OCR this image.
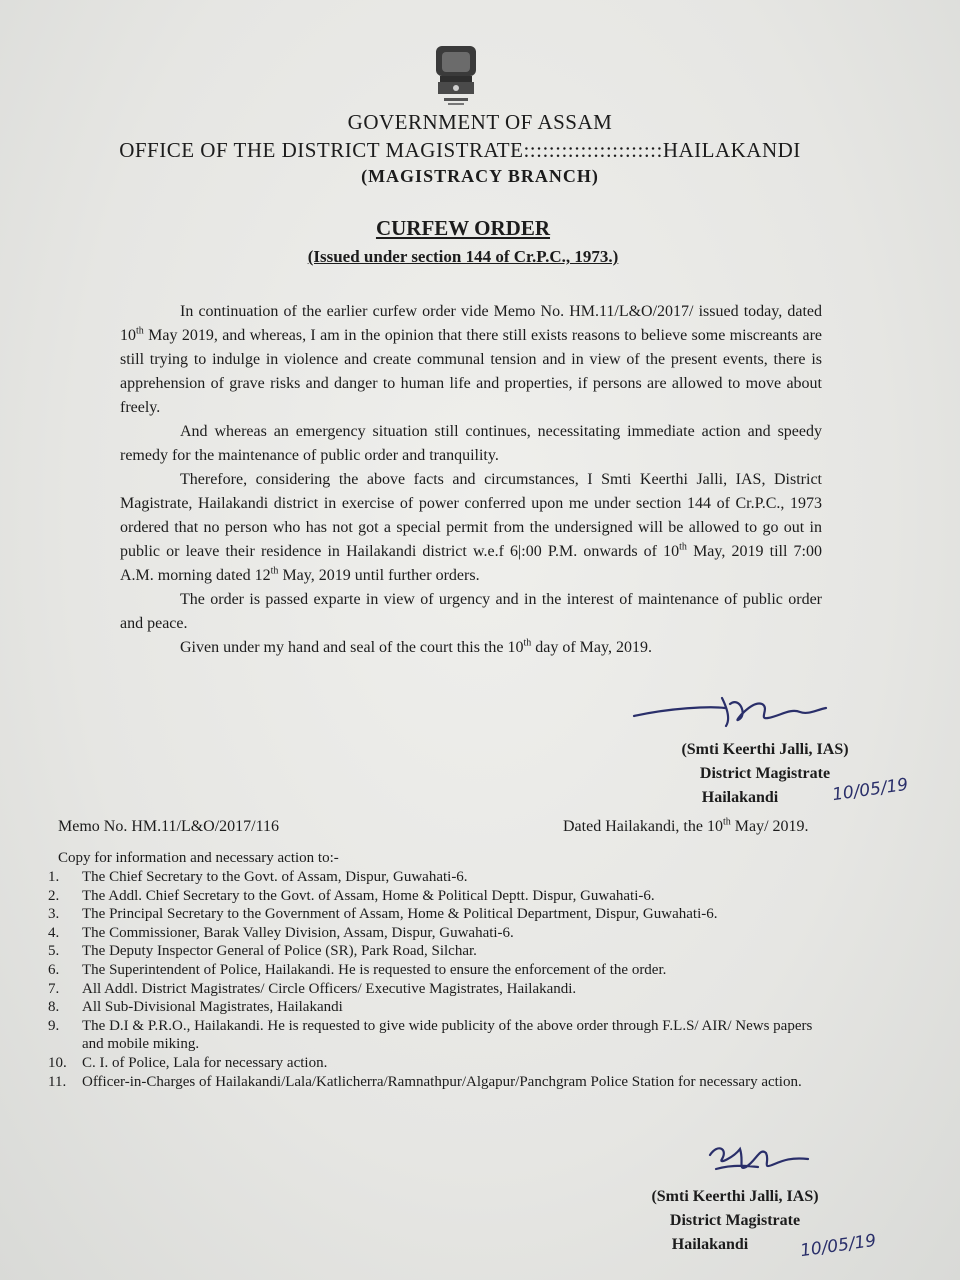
GOVERNMENT OF ASSAM
OFFICE OF THE DISTRICT MAGISTRATE::::::::::::::::::::::HAILAKANDI
(MAGISTRACY BRANCH)
CURFEW ORDER
(Issued under section 144 of Cr.P.C., 1973.)

In continuation of the earlier curfew order vide Memo No. HM.11/L&O/2017/ issued today, dated 10th May 2019, and whereas, I am in the opinion that there still exists reasons to believe some miscreants are still trying to indulge in violence and create communal tension and in view of the present events, there is apprehension of grave risks and danger to human life and properties, if persons are allowed to move about freely.

And whereas an emergency situation still continues, necessitating immediate action and speedy remedy for the maintenance of public order and tranquility.

Therefore, considering the above facts and circumstances, I Smti Keerthi Jalli, IAS, District Magistrate, Hailakandi district in exercise of power conferred upon me under section 144 of Cr.P.C., 1973 ordered that no person who has not got a special permit from the undersigned will be allowed to go out in public or leave their residence in Hailakandi district w.e.f 6|:00 P.M. onwards of 10th May, 2019 till 7:00 A.M. morning dated 12th May, 2019 until further orders.

The order is passed exparte in view of urgency and in the interest of maintenance of public order and peace.

Given under my hand and seal of the court this the 10th day of May, 2019.

(Smti Keerthi Jalli, IAS)
District Magistrate
Hailakandi	10/05/19
Memo No. HM.11/L&O/2017/116	Dated Hailakandi, the 10th May/ 2019.
Copy for information and necessary action to:-
1.	The Chief Secretary to the Govt. of Assam, Dispur, Guwahati-6.
2.	The Addl. Chief Secretary to the Govt. of Assam, Home & Political Deptt. Dispur, Guwahati-6.
3.	The Principal Secretary to the Government of Assam, Home & Political Department, Dispur, Guwahati-6.
4.	The Commissioner, Barak Valley Division, Assam, Dispur, Guwahati-6.
5.	The Deputy Inspector General of Police (SR), Park Road, Silchar.
6.	The Superintendent of Police, Hailakandi. He is requested to ensure the enforcement of the order.
7.	All Addl. District Magistrates/ Circle Officers/ Executive Magistrates, Hailakandi.
8.	All Sub-Divisional Magistrates, Hailakandi
9.	The D.I & P.R.O., Hailakandi. He is requested to give wide publicity of the above order through F.L.S/ AIR/ News papers and mobile miking.
10.	C. I. of Police, Lala for necessary action.
11.	Officer-in-Charges of Hailakandi/Lala/Katlicherra/Ramnathpur/Algapur/Panchgram Police Station for necessary action.
(Smti Keerthi Jalli, IAS)
District Magistrate
Hailakandi	10/05/19
